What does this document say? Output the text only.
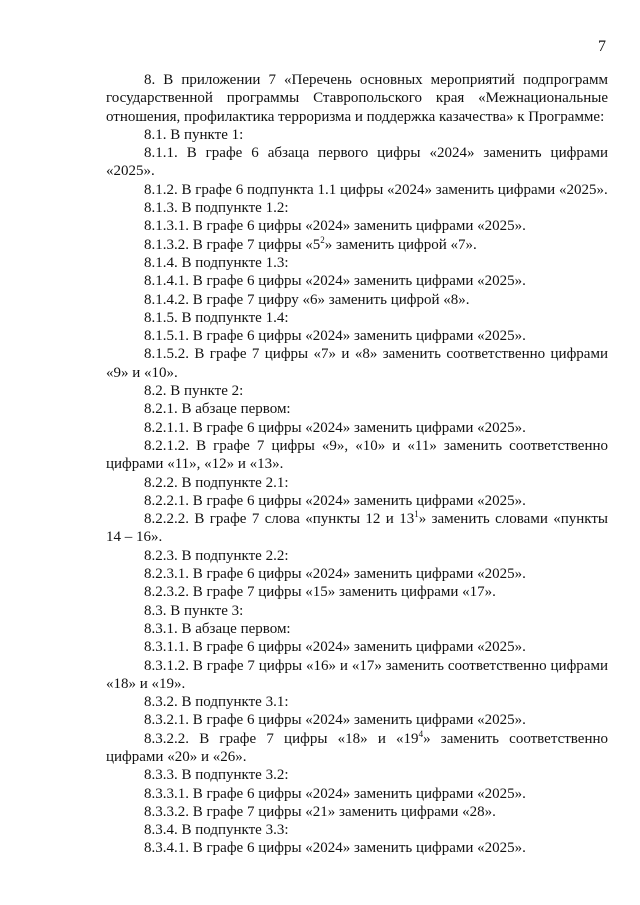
7

8. В приложении 7 «Перечень основных мероприятий подпрограмм государственной программы Ставропольского края «Межнациональные отношения, профилактика терроризма и поддержка казачества» к Программе:

8.1. В пункте 1:

8.1.1. В графе 6 абзаца первого цифры «2024» заменить цифрами «2025».

8.1.2. В графе 6 подпункта 1.1 цифры «2024» заменить цифрами «2025».

8.1.3. В подпункте 1.2:

8.1.3.1. В графе 6 цифры «2024» заменить цифрами «2025».

8.1.3.2. В графе 7 цифры «$5^2$» заменить цифрой «7».

8.1.4. В подпункте 1.3:

8.1.4.1. В графе 6 цифры «2024» заменить цифрами «2025».

8.1.4.2. В графе 7 цифру «6» заменить цифрой «8».

8.1.5. В подпункте 1.4:

8.1.5.1. В графе 6 цифры «2024» заменить цифрами «2025».

8.1.5.2. В графе 7 цифры «7» и «8» заменить соответственно цифрами «9» и «10».

8.2. В пункте 2:

8.2.1. В абзаце первом:

8.2.1.1. В графе 6 цифры «2024» заменить цифрами «2025».

8.2.1.2. В графе 7 цифры «9», «10» и «11» заменить соответственно цифрами «11», «12» и «13».

8.2.2. В подпункте 2.1:

8.2.2.1. В графе 6 цифры «2024» заменить цифрами «2025».

8.2.2.2. В графе 7 слова «пункты 12 и $13^1$» заменить словами «пункты 14 – 16».

8.2.3. В подпункте 2.2:

8.2.3.1. В графе 6 цифры «2024» заменить цифрами «2025».

8.2.3.2. В графе 7 цифры «15» заменить цифрами «17».

8.3. В пункте 3:

8.3.1. В абзаце первом:

8.3.1.1. В графе 6 цифры «2024» заменить цифрами «2025».

8.3.1.2. В графе 7 цифры «16» и «17» заменить соответственно цифрами «18» и «19».

8.3.2. В подпункте 3.1:

8.3.2.1. В графе 6 цифры «2024» заменить цифрами «2025».

8.3.2.2. В графе 7 цифры «18» и «$19^4$» заменить соответственно цифрами «20» и «26».

8.3.3. В подпункте 3.2:

8.3.3.1. В графе 6 цифры «2024» заменить цифрами «2025».

8.3.3.2. В графе 7 цифры «21» заменить цифрами «28».

8.3.4. В подпункте 3.3:

8.3.4.1. В графе 6 цифры «2024» заменить цифрами «2025».
